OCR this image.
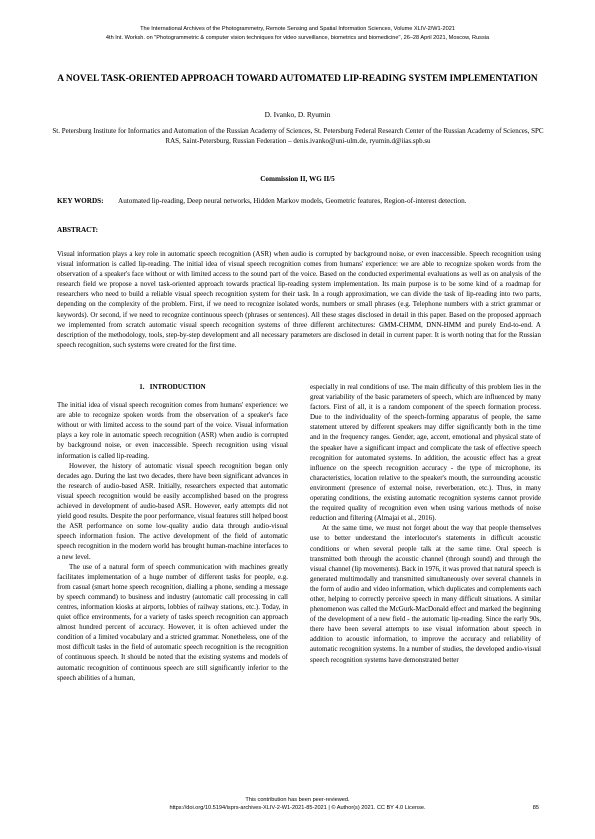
The International Archives of the Photogrammetry, Remote Sensing and Spatial Information Sciences, Volume XLIV-2/W1-2021
4th Int. Worksh. on "Photogrammetric & computer vision techniques for video surveillance, biometrics and biomedicine", 26–28 April 2021, Moscow, Russia
A NOVEL TASK-ORIENTED APPROACH TOWARD AUTOMATED LIP-READING SYSTEM IMPLEMENTATION
D. Ivanko, D. Ryumin
St. Petersburg Institute for Informatics and Automation of the Russian Academy of Sciences, St. Petersburg Federal Research Center of the Russian Academy of Sciences, SPC RAS, Saint-Petersburg, Russian Federation – denis.ivanko@uni-ulm.de, ryumin.d@iias.spb.su
Commission II, WG II/5
KEY WORDS:	Automated lip-reading, Deep neural networks, Hidden Markov models, Geometric features, Region-of-interest detection.
ABSTRACT:

Visual information plays a key role in automatic speech recognition (ASR) when audio is corrupted by background noise, or even inaccessible. Speech recognition using visual information is called lip-reading. The initial idea of visual speech recognition comes from humans' experience: we are able to recognize spoken words from the observation of a speaker's face without or with limited access to the sound part of the voice. Based on the conducted experimental evaluations as well as on analysis of the research field we propose a novel task-oriented approach towards practical lip-reading system implementation. Its main purpose is to be some kind of a roadmap for researchers who need to build a reliable visual speech recognition system for their task. In a rough approximation, we can divide the task of lip-reading into two parts, depending on the complexity of the problem. First, if we need to recognize isolated words, numbers or small phrases (e.g. Telephone numbers with a strict grammar or keywords). Or second, if we need to recognize continuous speech (phrases or sentences). All these stages disclosed in detail in this paper. Based on the proposed approach we implemented from scratch automatic visual speech recognition systems of three different architectures: GMM-CHMM, DNN-HMM and purely End-to-end. A description of the methodology, tools, step-by-step development and all necessary parameters are disclosed in detail in current paper. It is worth noting that for the Russian speech recognition, such systems were created for the first time.

1. INTRODUCTION

The initial idea of visual speech recognition comes from humans' experience: we are able to recognize spoken words from the observation of a speaker's face without or with limited access to the sound part of the voice. Visual information plays a key role in automatic speech recognition (ASR) when audio is corrupted by background noise, or even inaccessible. Speech recognition using visual information is called lip-reading.

However, the history of automatic visual speech recognition began only decades ago. During the last two decades, there have been significant advances in the research of audio-based ASR. Initially, researchers expected that automatic visual speech recognition would be easily accomplished based on the progress achieved in development of audio-based ASR. However, early attempts did not yield good results. Despite the poor performance, visual features still helped boost the ASR performance on some low-quality audio data through audio-visual speech information fusion. The active development of the field of automatic speech recognition in the modern world has brought human-machine interfaces to a new level.

The use of a natural form of speech communication with machines greatly facilitates implementation of a huge number of different tasks for people, e.g. from casual (smart home speech recognition, dialling a phone, sending a message by speech command) to business and industry (automatic call processing in call centres, information kiosks at airports, lobbies of railway stations, etc.). Today, in quiet office environments, for a variety of tasks speech recognition can approach almost hundred percent of accuracy. However, it is often achieved under the condition of a limited vocabulary and a stricted grammar. Nonetheless, one of the most difficult tasks in the field of automatic speech recognition is the recognition of continuous speech. It should be noted that the existing systems and models of automatic recognition of continuous speech are still significantly inferior to the speech abilities of a human,

especially in real conditions of use. The main difficulty of this problem lies in the great variability of the basic parameters of speech, which are influenced by many factors. First of all, it is a random component of the speech formation process. Due to the individuality of the speech-forming apparatus of people, the same statement uttered by different speakers may differ significantly both in the time and in the frequency ranges. Gender, age, accent, emotional and physical state of the speaker have a significant impact and complicate the task of effective speech recognition for automated systems. In addition, the acoustic effect has a great influence on the speech recognition accuracy - the type of microphone, its characteristics, location relative to the speaker's mouth, the surrounding acoustic environment (presence of external noise, reverberation, etc.). Thus, in many operating conditions, the existing automatic recognition systems cannot provide the required quality of recognition even when using various methods of noise reduction and filtering (Almajai et al., 2016).

At the same time, we must not forget about the way that people themselves use to better understand the interlocutor's statements in difficult acoustic conditions or when several people talk at the same time. Oral speech is transmitted both through the acoustic channel (through sound) and through the visual channel (lip movements). Back in 1976, it was proved that natural speech is generated multimodally and transmitted simultaneously over several channels in the form of audio and video information, which duplicates and complements each other, helping to correctly perceive speech in many difficult situations. A similar phenomenon was called the McGurk-MacDonald effect and marked the beginning of the development of a new field - the automatic lip-reading. Since the early 90s, there have been several attempts to use visual information about speech in addition to acoustic information, to improve the accuracy and reliability of automatic recognition systems. In a number of studies, the developed audio-visual speech recognition systems have demonstrated better

This contribution has been peer-reviewed.
https://doi.org/10.5194/isprs-archives-XLIV-2-W1-2021-85-2021 | © Author(s) 2021. CC BY 4.0 License.	85
